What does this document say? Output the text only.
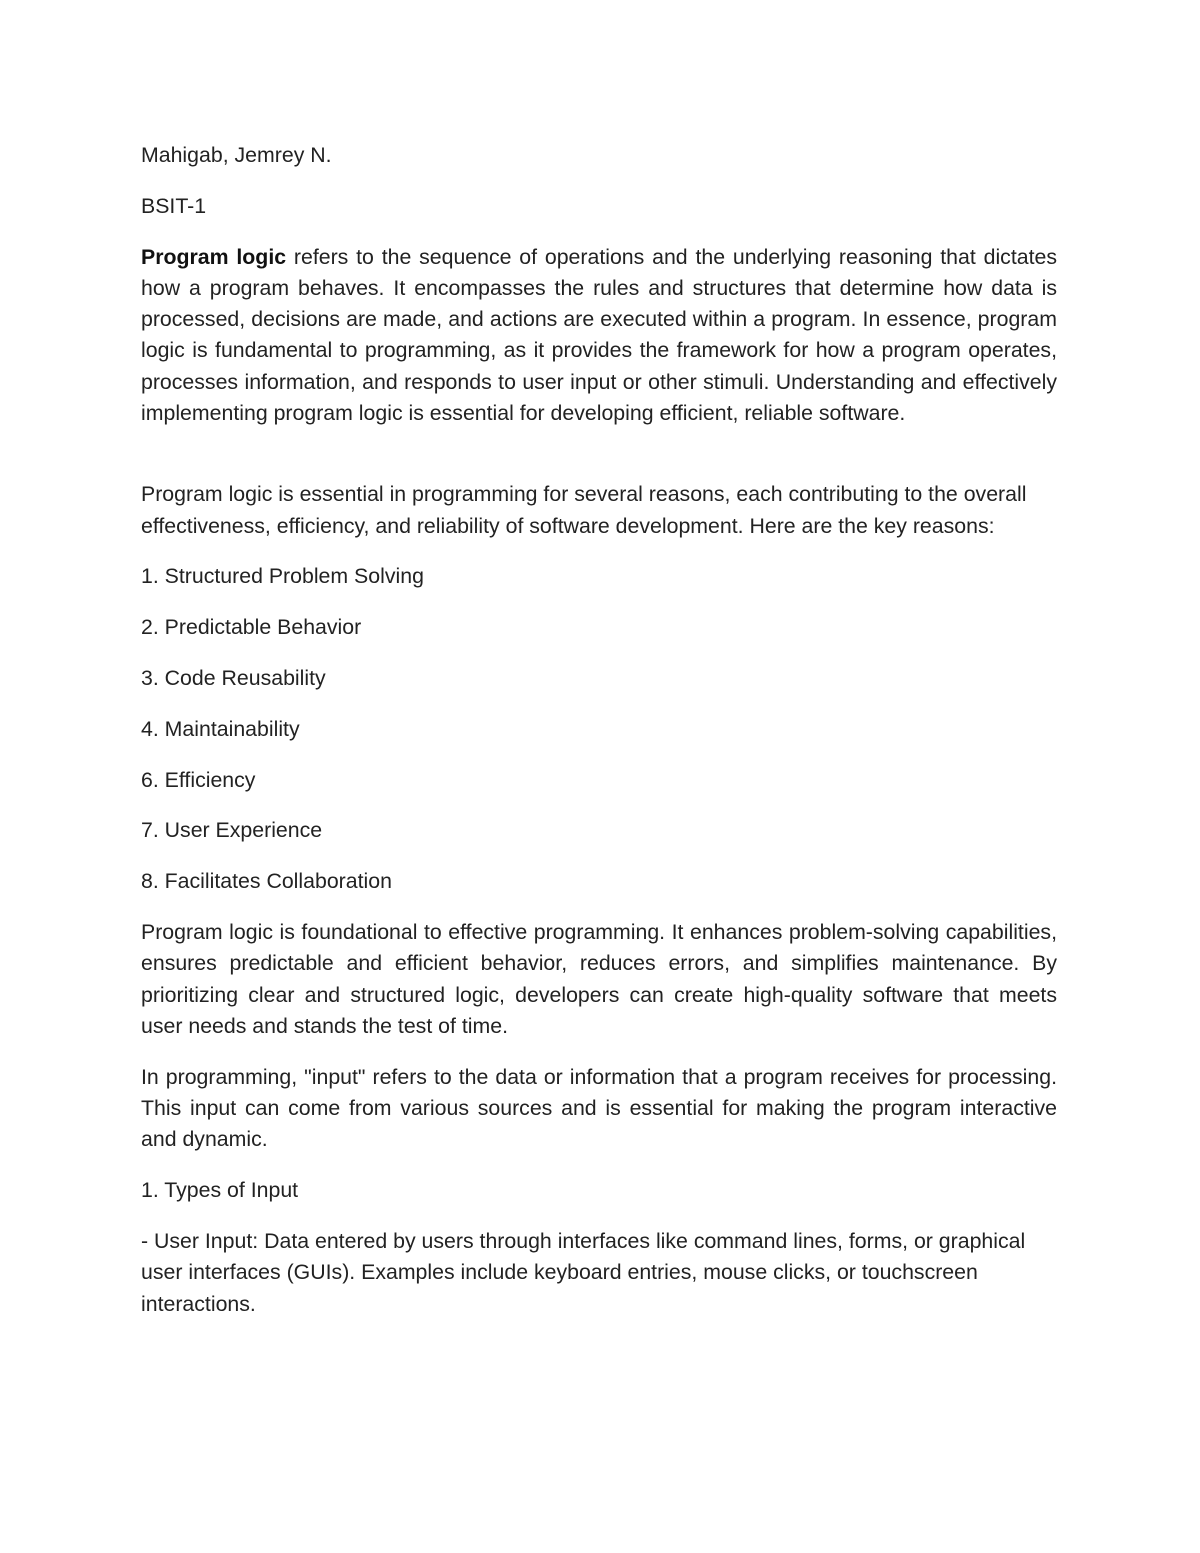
Mahigab, Jemrey N.

BSIT-1

Program logic refers to the sequence of operations and the underlying reasoning that dictates how a program behaves. It encompasses the rules and structures that determine how data is processed, decisions are made, and actions are executed within a program. In essence, program logic is fundamental to programming, as it provides the framework for how a program operates, processes information, and responds to user input or other stimuli. Understanding and effectively implementing program logic is essential for developing efficient, reliable software.

Program logic is essential in programming for several reasons, each contributing to the overall effectiveness, efficiency, and reliability of software development. Here are the key reasons:

1. Structured Problem Solving

2. Predictable Behavior

3. Code Reusability

4. Maintainability

6. Efficiency

7. User Experience

8. Facilitates Collaboration

Program logic is foundational to effective programming. It enhances problem-solving capabilities, ensures predictable and efficient behavior, reduces errors, and simplifies maintenance. By prioritizing clear and structured logic, developers can create high-quality software that meets user needs and stands the test of time.

In programming, "input" refers to the data or information that a program receives for processing. This input can come from various sources and is essential for making the program interactive and dynamic.

1. Types of Input

- User Input: Data entered by users through interfaces like command lines, forms, or graphical user interfaces (GUIs). Examples include keyboard entries, mouse clicks, or touchscreen interactions.
